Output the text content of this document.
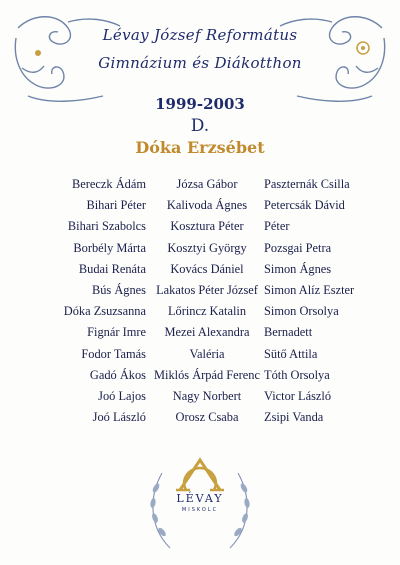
Lévay József Református
Gimnázium és Diákotthon
1999-2003
D.
Dóka Erzsébet
Bereczk Ádám
Bihari Péter
Bihari Szabolcs
Borbély Márta
Budai Renáta
Bús Ágnes
Dóka Zsuzsanna
Fignár Imre
Fodor Tamás
Gadó Ákos
Joó Lajos
Joó László
Józsa Gábor
Kalivoda Ágnes
Kosztura Péter
Kosztyi György
Kovács Dániel
Lakatos Péter József
Lőrincz Katalin
Mezei Alexandra
Valéria
Miklós Árpád Ferenc
Nagy Norbert
Orosz Csaba
Paszternák Csilla
Petercsák Dávid
Péter
Pozsgai Petra
Simon Ágnes
Simon Alíz Eszter
Simon Orsolya
Bernadett
Sütő Attila
Tóth Orsolya
Victor László
Zsipi Vanda
LÉVAY
MISKOLC
